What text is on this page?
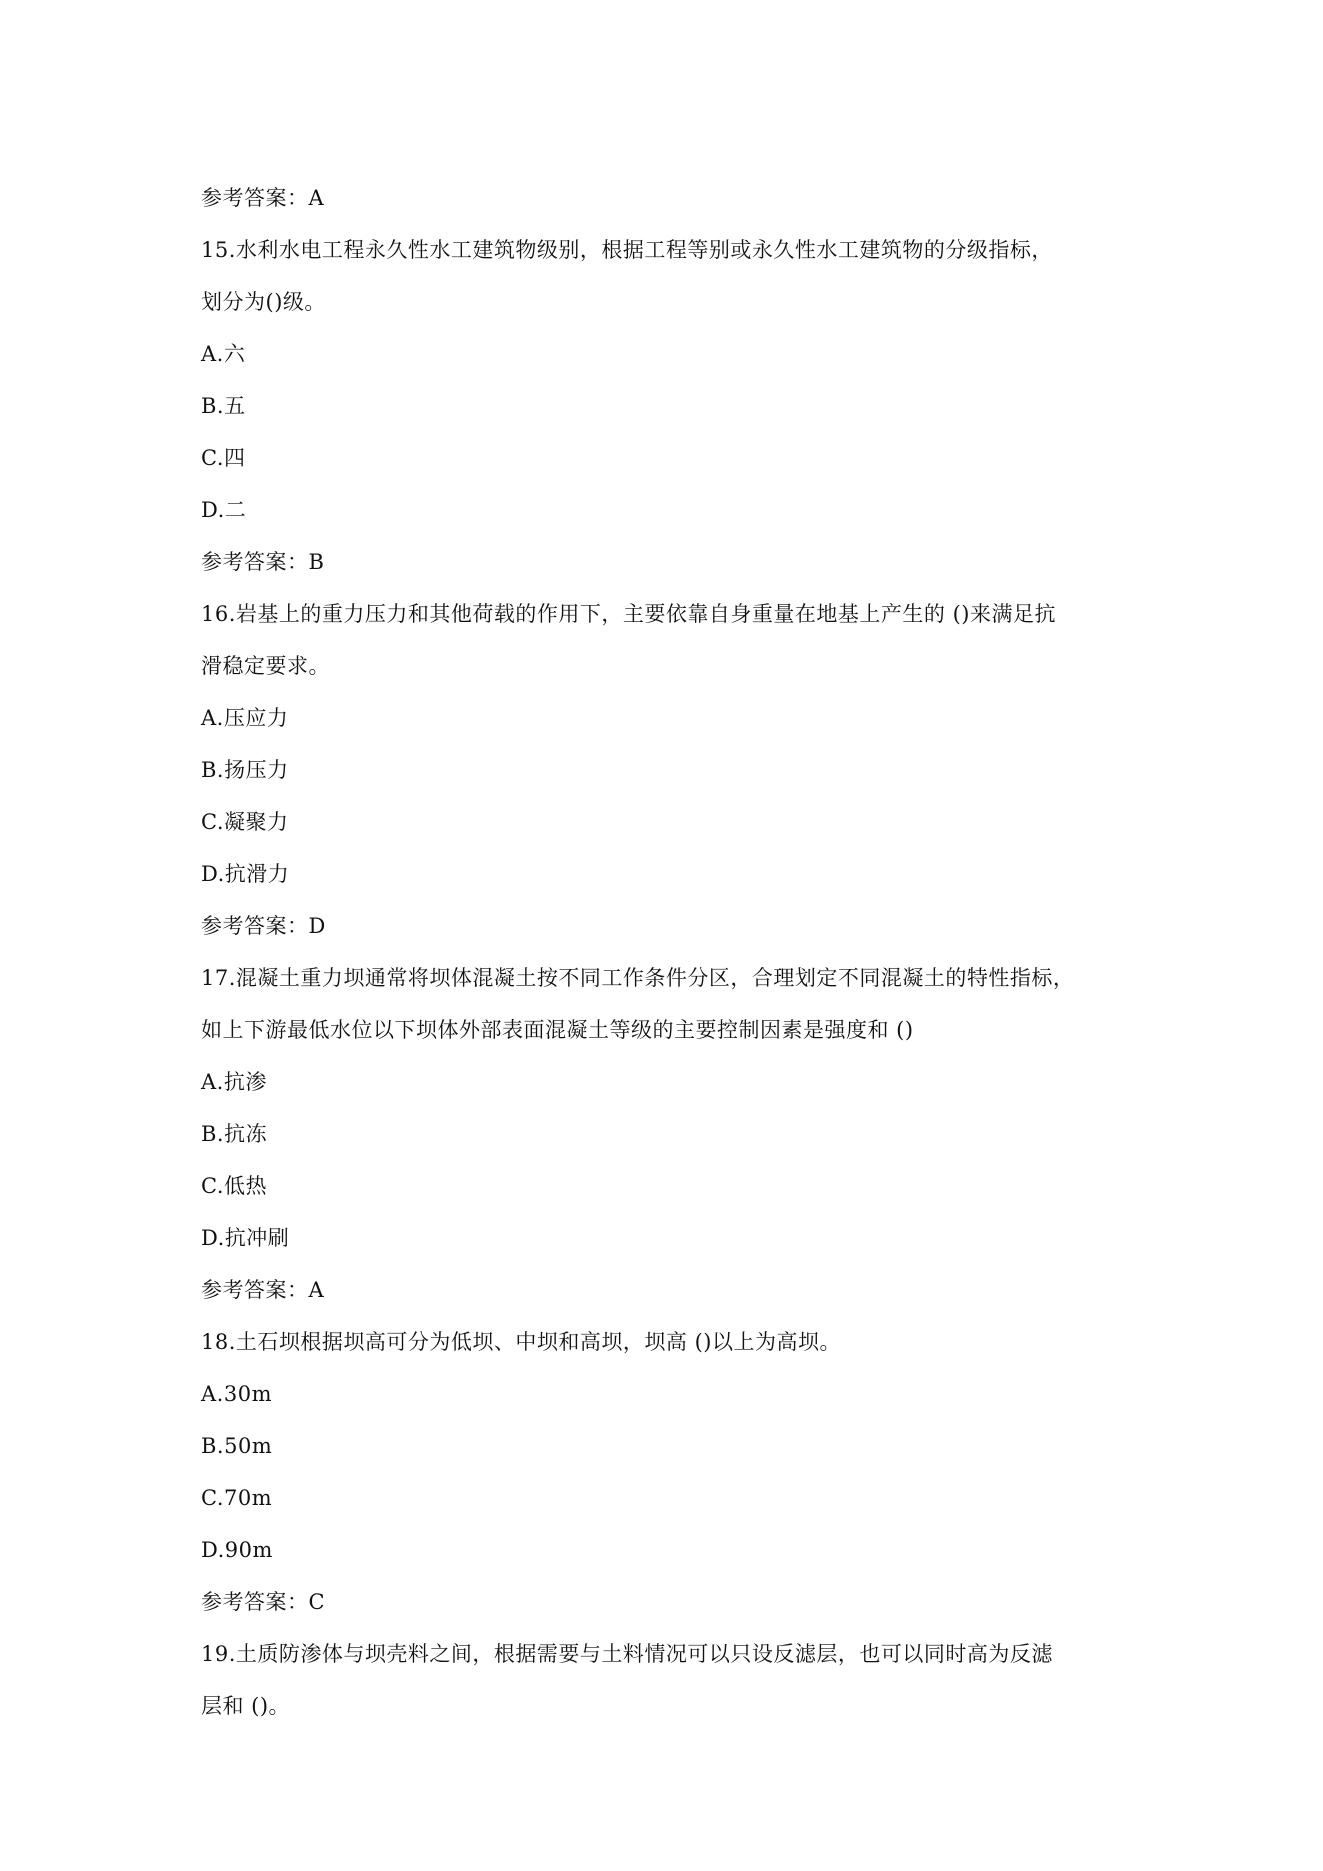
参考答案：A
15.水利水电工程永久性水工建筑物级别，根据工程等别或永久性水工建筑物的分级指标，
划分为()级。
A.六
B.五
C.四
D.二
参考答案：B
16.岩基上的重力压力和其他荷载的作用下，主要依靠自身重量在地基上产生的 ()来满足抗
滑稳定要求。
A.压应力
B.扬压力
C.凝聚力
D.抗滑力
参考答案：D
17.混凝土重力坝通常将坝体混凝土按不同工作条件分区，合理划定不同混凝土的特性指标，
如上下游最低水位以下坝体外部表面混凝土等级的主要控制因素是强度和 ()
A.抗渗
B.抗冻
C.低热
D.抗冲刷
参考答案：A
18.土石坝根据坝高可分为低坝、中坝和高坝，坝高 ()以上为高坝。
A.30m
B.50m
C.70m
D.90m
参考答案：C
19.土质防渗体与坝壳料之间，根据需要与土料情况可以只设反滤层，也可以同时高为反滤
层和 ()。
